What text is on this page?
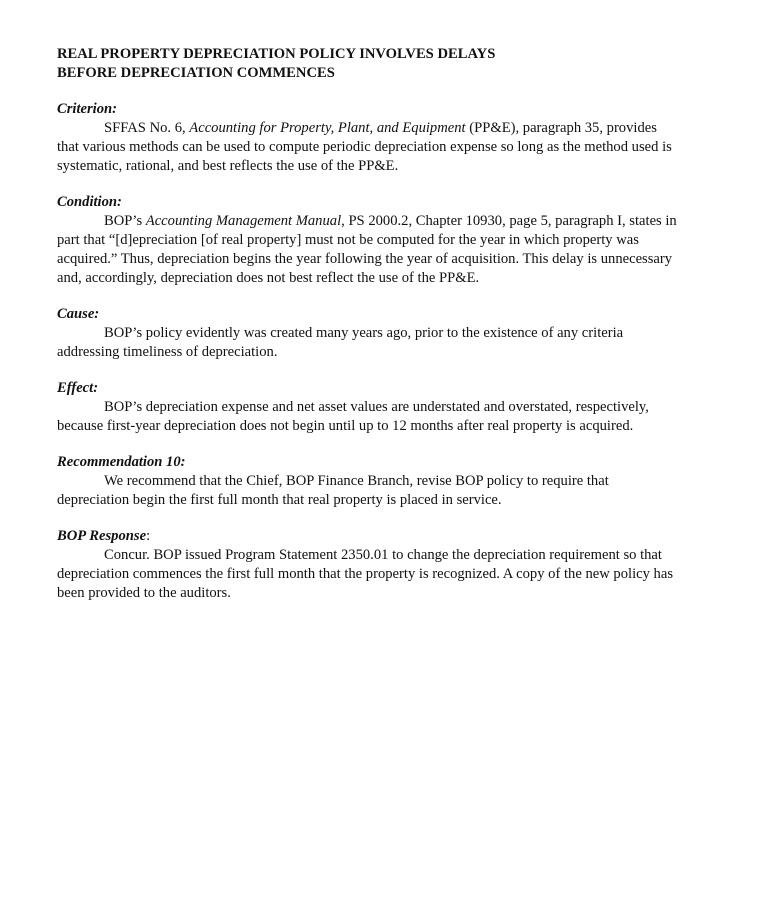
REAL PROPERTY DEPRECIATION POLICY INVOLVES DELAYS
BEFORE DEPRECIATION COMMENCES

Criterion:

SFFAS No. 6, Accounting for Property, Plant, and Equipment (PP&E), paragraph 35, provides that various methods can be used to compute periodic depreciation expense so long as the method used is systematic, rational, and best reflects the use of the PP&E.

Condition:

BOP’s Accounting Management Manual, PS 2000.2, Chapter 10930, page 5, paragraph I, states in part that “[d]epreciation [of real property] must not be computed for the year in which property was acquired.” Thus, depreciation begins the year following the year of acquisition. This delay is unnecessary and, accordingly, depreciation does not best reflect the use of the PP&E.

Cause:

BOP’s policy evidently was created many years ago, prior to the existence of any criteria addressing timeliness of depreciation.

Effect:

BOP’s depreciation expense and net asset values are understated and overstated, respectively, because first-year depreciation does not begin until up to 12 months after real property is acquired.

Recommendation 10:

We recommend that the Chief, BOP Finance Branch, revise BOP policy to require that depreciation begin the first full month that real property is placed in service.

BOP Response:

Concur. BOP issued Program Statement 2350.01 to change the depreciation requirement so that depreciation commences the first full month that the property is recognized. A copy of the new policy has been provided to the auditors.
